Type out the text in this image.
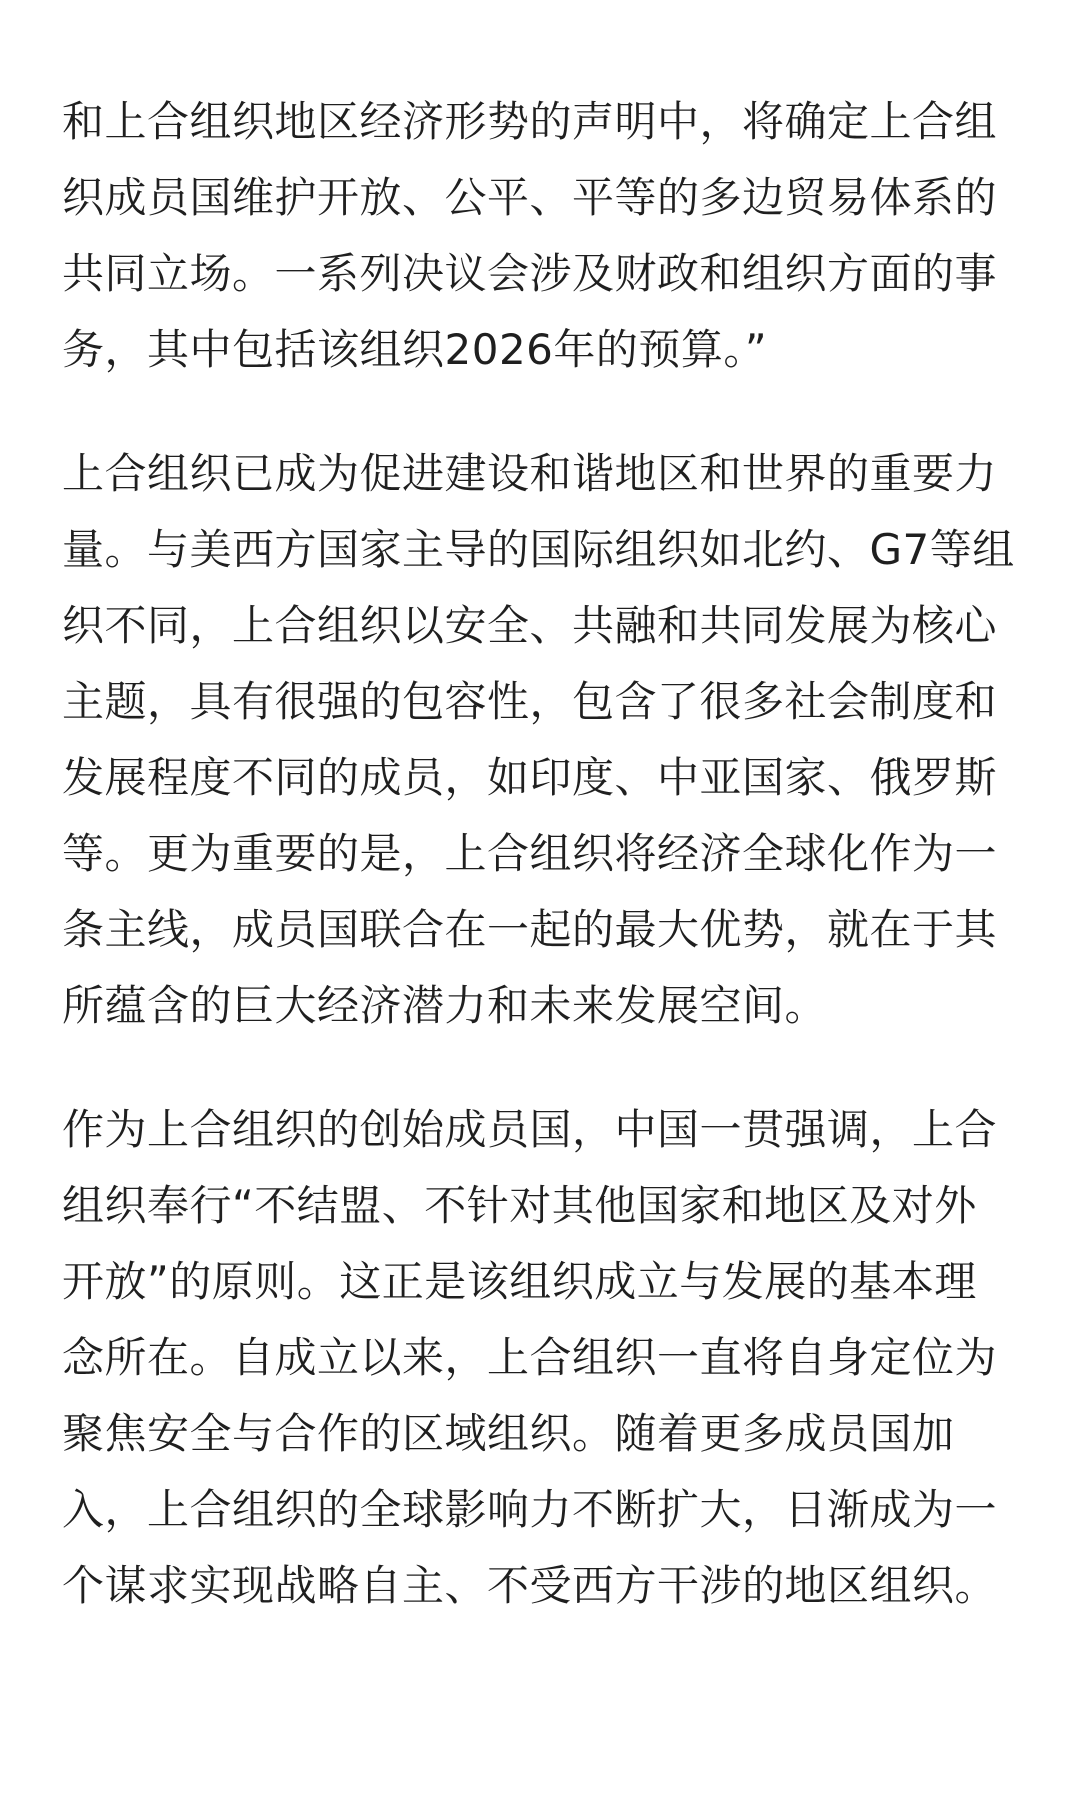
和上合组织地区经济形势的声明中，将确定上合组
织成员国维护开放、公平、平等的多边贸易体系的
共同立场。一系列决议会涉及财政和组织方面的事
务，其中包括该组织2026年的预算。”
上合组织已成为促进建设和谐地区和世界的重要力
量。与美西方国家主导的国际组织如北约、G7等组
织不同，上合组织以安全、共融和共同发展为核心
主题，具有很强的包容性，包含了很多社会制度和
发展程度不同的成员，如印度、中亚国家、俄罗斯
等。更为重要的是，上合组织将经济全球化作为一
条主线，成员国联合在一起的最大优势，就在于其
所蕴含的巨大经济潜力和未来发展空间。
作为上合组织的创始成员国，中国一贯强调，上合
组织奉行“不结盟、不针对其他国家和地区及对外
开放”的原则。这正是该组织成立与发展的基本理
念所在。自成立以来，上合组织一直将自身定位为
聚焦安全与合作的区域组织。随着更多成员国加
入，上合组织的全球影响力不断扩大，日渐成为一
个谋求实现战略自主、不受西方干涉的地区组织。
